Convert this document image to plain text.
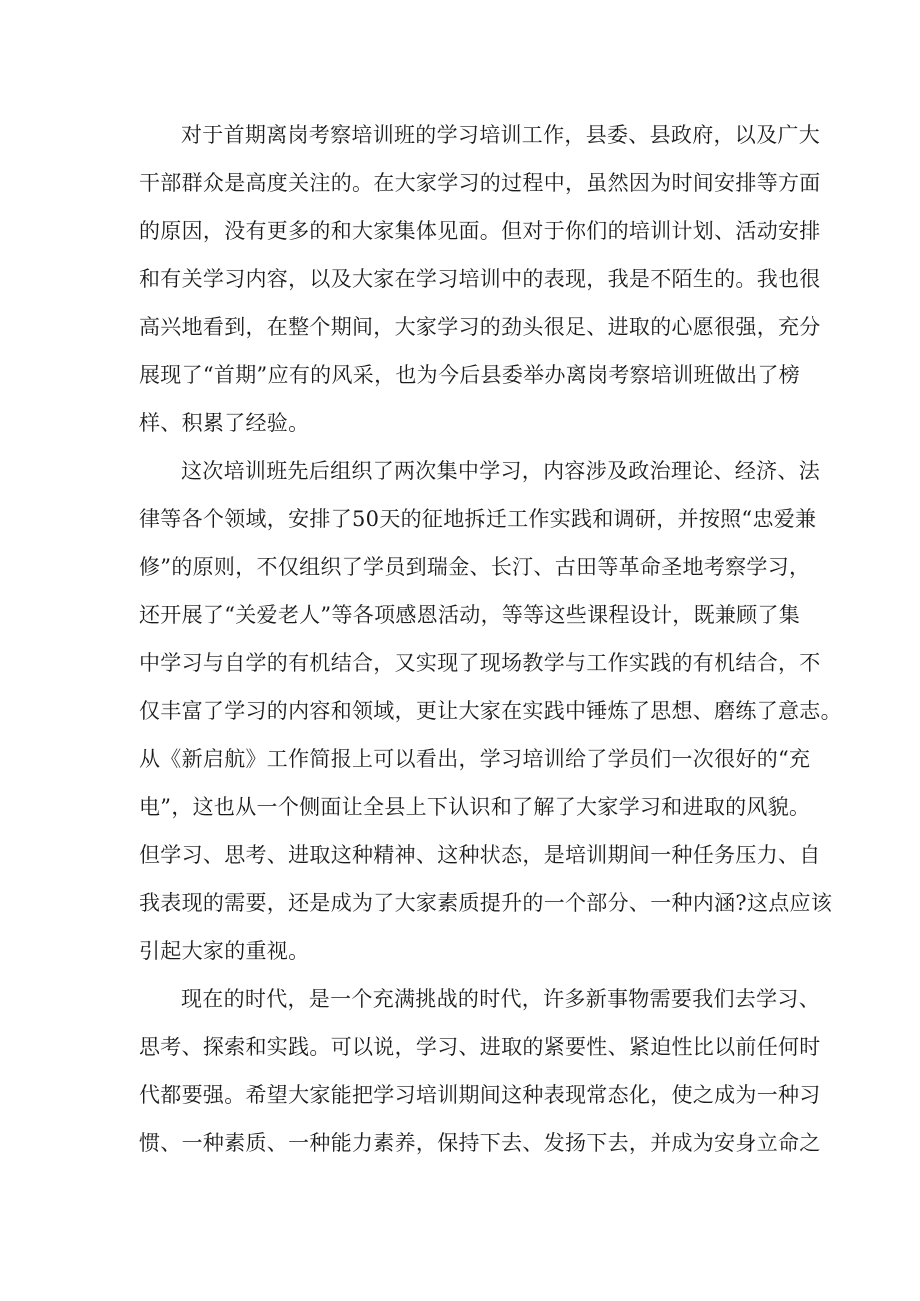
对于首期离岗考察培训班的学习培训工作，县委、县政府，以及广大
干部群众是高度关注的。在大家学习的过程中，虽然因为时间安排等方面
的原因，没有更多的和大家集体见面。但对于你们的培训计划、活动安排
和有关学习内容，以及大家在学习培训中的表现，我是不陌生的。我也很
高兴地看到，在整个期间，大家学习的劲头很足、进取的心愿很强，充分
展现了“首期”应有的风采，也为今后县委举办离岗考察培训班做出了榜
样、积累了经验。
这次培训班先后组织了两次集中学习，内容涉及政治理论、经济、法
律等各个领域，安排了50天的征地拆迁工作实践和调研，并按照“忠爱兼
修”的原则，不仅组织了学员到瑞金、长汀、古田等革命圣地考察学习，
还开展了“关爱老人”等各项感恩活动，等等这些课程设计，既兼顾了集
中学习与自学的有机结合，又实现了现场教学与工作实践的有机结合，不
仅丰富了学习的内容和领域，更让大家在实践中锤炼了思想、磨练了意志。
从《新启航》工作简报上可以看出，学习培训给了学员们一次很好的“充
电”，这也从一个侧面让全县上下认识和了解了大家学习和进取的风貌。
但学习、思考、进取这种精神、这种状态，是培训期间一种任务压力、自
我表现的需要，还是成为了大家素质提升的一个部分、一种内涵?这点应该
引起大家的重视。
现在的时代，是一个充满挑战的时代，许多新事物需要我们去学习、
思考、探索和实践。可以说，学习、进取的紧要性、紧迫性比以前任何时
代都要强。希望大家能把学习培训期间这种表现常态化，使之成为一种习
惯、一种素质、一种能力素养，保持下去、发扬下去，并成为安身立命之
